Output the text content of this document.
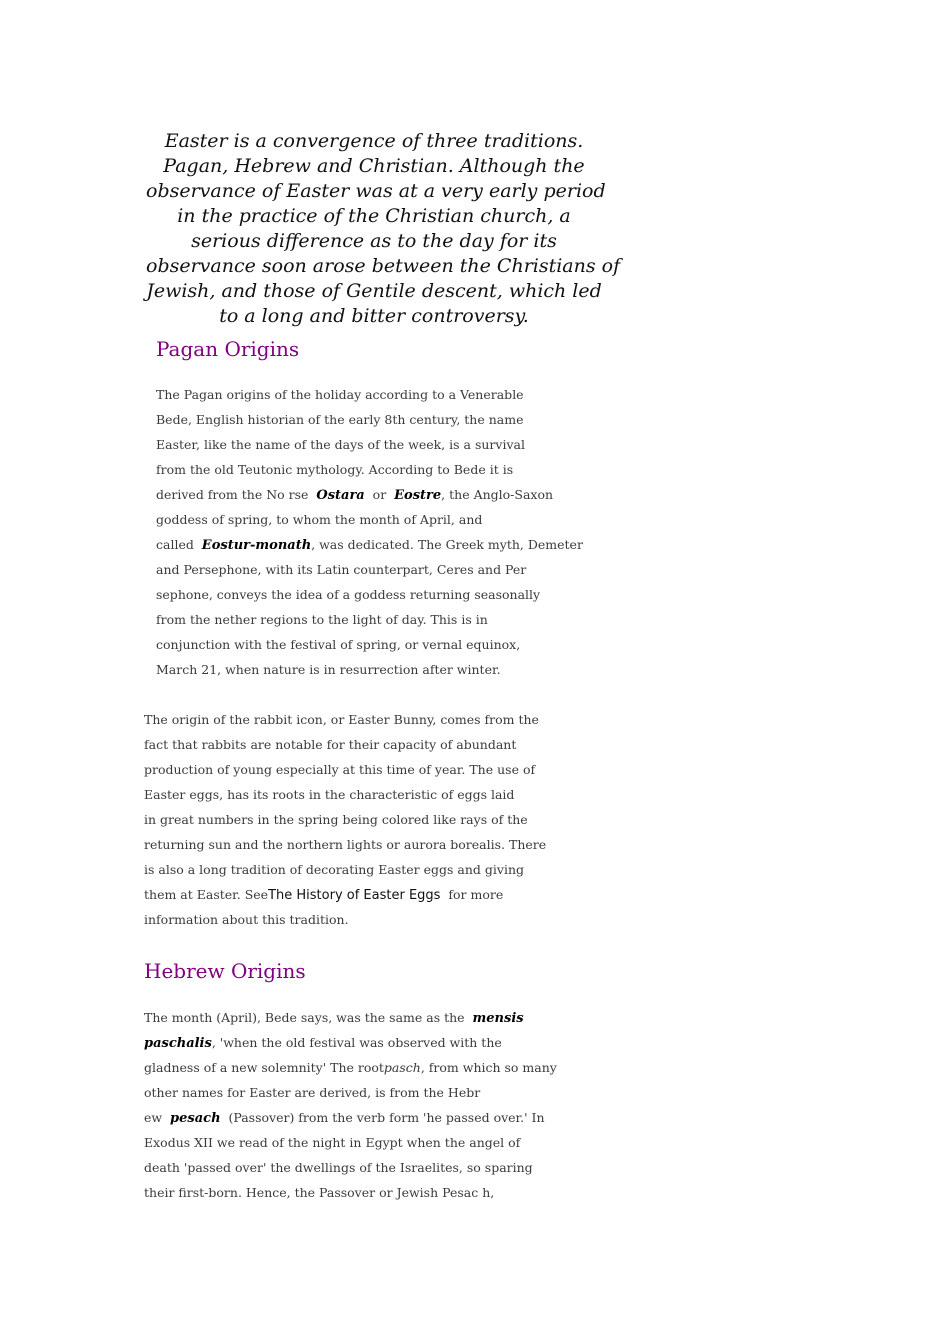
Easter is a convergence of three traditions.
Pagan, Hebrew and Christian. Although the
observance of Easter was at a very early period
in the practice of the Christian church, a
serious difference as to the day for its
observance soon arose between the Christians of
Jewish, and those of Gentile descent, which led
to a long and bitter controversy.
Pagan Origins
The Pagan origins of the holiday according to a Venerable
Bede, English historian of the early 8th century, the name
Easter, like the name of the days of the week, is a survival
from the old Teutonic mythology. According to Bede it is
derived from the No rse  Ostara  or  Eostre, the Anglo-Saxon
goddess of spring, to whom the month of April, and
called  Eostur-monath, was dedicated. The Greek myth, Demeter
and Persephone, with its Latin counterpart, Ceres and Per
sephone, conveys the idea of a goddess returning seasonally
from the nether regions to the light of day. This is in
conjunction with the festival of spring, or vernal equinox,
March 21, when nature is in resurrection after winter.
The origin of the rabbit icon, or Easter Bunny, comes from the
fact that rabbits are notable for their capacity of abundant
production of young especially at this time of year. The use of
Easter eggs, has its roots in the characteristic of eggs laid
in great numbers in the spring being colored like rays of the
returning sun and the northern lights or aurora borealis. There
is also a long tradition of decorating Easter eggs and giving
them at Easter. SeeThe History of Easter Eggs  for more
information about this tradition.
Hebrew Origins
The month (April), Bede says, was the same as the  mensis
paschalis, 'when the old festival was observed with the
gladness of a new solemnity' The rootpasch, from which so many
other names for Easter are derived, is from the Hebr
ew  pesach  (Passover) from the verb form 'he passed over.' In
Exodus XII we read of the night in Egypt when the angel of
death 'passed over' the dwellings of the Israelites, so sparing
their first-born. Hence, the Passover or Jewish Pesac h,
